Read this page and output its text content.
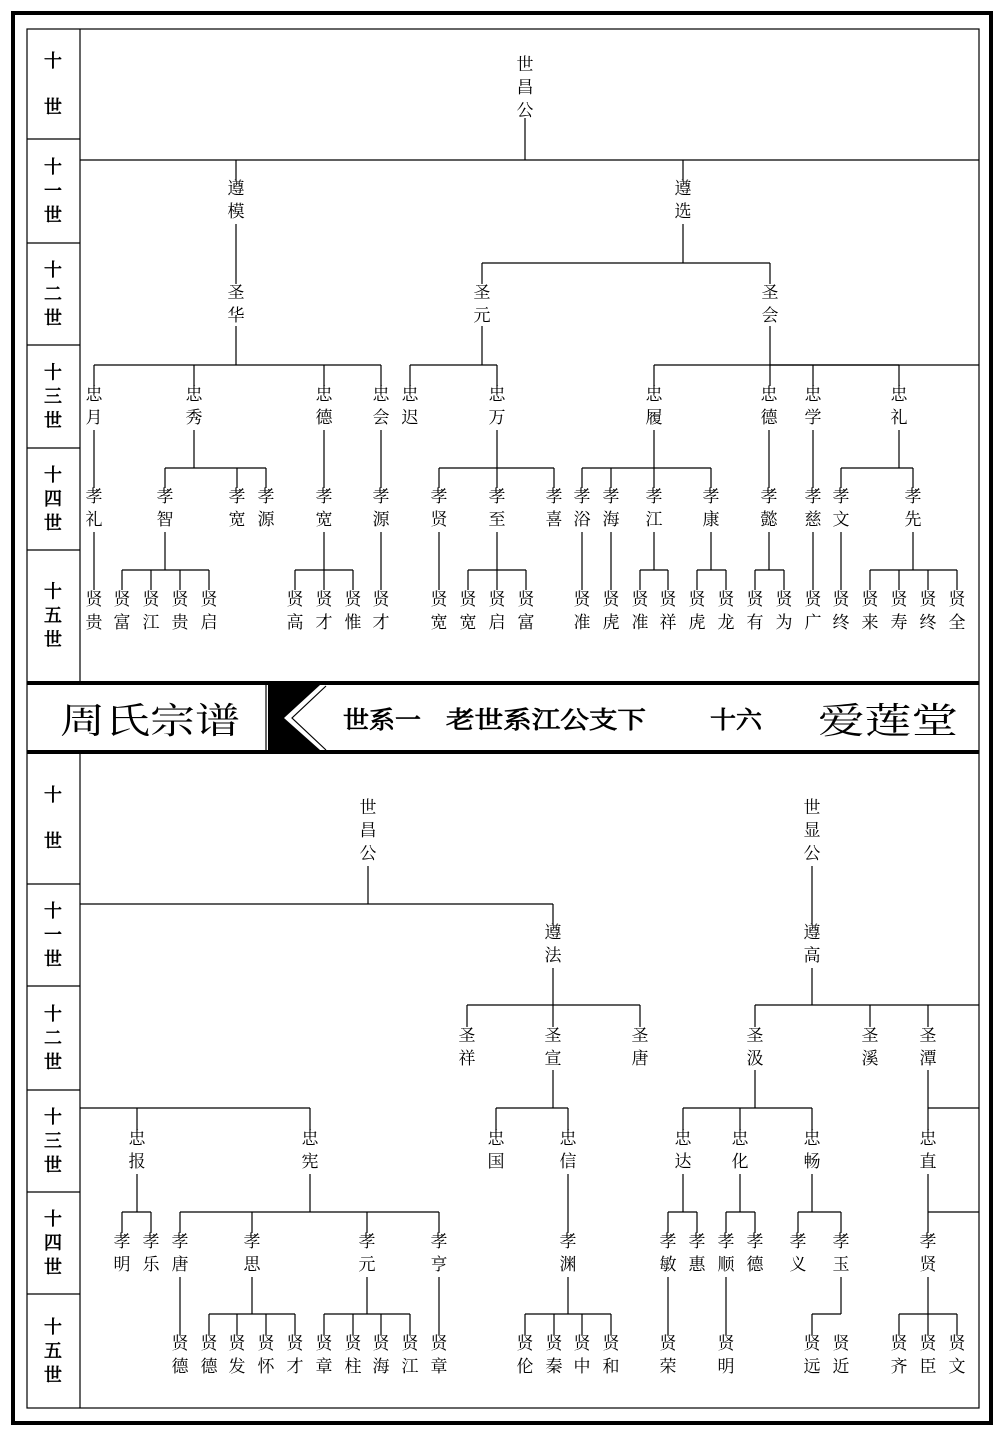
周氏宗谱	世系一 老世系江公支下	十六 爱莲堂
十
世
十
一
世
十
二
世
十
三
世
十
四
世
十
五
世
十
世
十
一
世
十
二
世
十
三
世
十
四
世
十
五
世
世昌公
遵模
遵选
圣华
圣元
圣会
忠月
忠秀
忠德
忠会
忠迟
忠万
忠履
忠德
忠学
忠礼
孝礼
孝智
孝宽
孝源
孝宽
孝源
孝贤
孝至
孝喜
孝浴
孝海
孝江
孝康
孝懿
孝慈
孝文
孝先
贤贵
贤富
贤江
贤贵
贤启
贤高
贤才
贤惟
贤才
贤宽
贤宽
贤启
贤富
贤准
贤虎
贤准
贤祥
贤虎
贤龙
贤有
贤为
贤广
贤终
贤来
贤寿
贤终
贤全
世昌公
世显公
遵法
遵高
圣祥
圣宣
圣唐
圣汲
圣溪
圣潭
忠报
忠宪
忠国
忠信
忠达
忠化
忠畅
忠直
孝明
孝乐
孝唐
孝思
孝元
孝亨
孝渊
孝敏
孝惠
孝顺
孝德
孝义
孝玉
孝贤
贤德
贤德
贤发
贤怀
贤才
贤章
贤柱
贤海
贤江
贤章
贤伦
贤秦
贤中
贤和
贤荣
贤明
贤远
贤近
贤齐
贤臣
贤文
